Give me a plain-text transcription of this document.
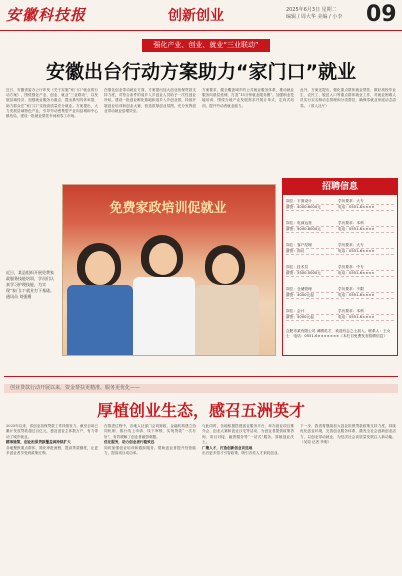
安徽科技报	创新创业	2025年6月3日 星期二
编辑 / 周大华 美编 / 小李 09
强化产业、创业、就业“三业联动”
安徽出台行动方案助力“家门口”就业
近日，安徽省委办公厅印发《关于实施“家门口”就业的行动方案》，围绕强化产业、创业、就业“三业联动”，以发展县域经济、加强就业服务为重点，提出系列具体举措，助力群众在“家门口”实现高质量充分就业。方案提出，大力发展县域特色产业，引导劳动密集型产业向县城和中心镇布局，建设一批就业帮扶车间和零工市场。
在强化创业带动就业方面，方案提出加大创业担保贷款支持力度，对符合条件的返乡入乡创业人员给予一次性创业补贴。建设一批创业孵化基地和返乡入乡创业园，持续开展创业培训和创业大赛，营造浓厚创业氛围，充分发挥创业带动就业倍增效应。
方案要求，健全覆盖城乡的公共就业服务体系，推动就业服务向基层延伸，打造“15分钟就业服务圈”。加强职业技能培训，围绕当地产业发展需求开展订单式、定向式培训，提升劳动者就业能力。
此外，方案还提出，强化重点群体就业帮扶，做好高校毕业生、农民工、脱贫人口等重点群体就业工作，对就业困难人员实行实名制动态管理和分类帮扶，确保零就业家庭动态清零。（省人社厅）
近日，某县组织开展免费家政服务技能培训，学员们认真学习护理技能，为实现“家门口”就业打下基础。　　通讯员 刘强摄
免费家政培训促就业
招聘信息
岗位：平面设计	学历要求：大专
薪资：4000-6000元	电话：0551-6××××
岗位：电商运营	学历要求：本科
薪资：5000-8000元	电话：0551-6××××
岗位：客户经理	学历要求：大专
薪资：面议	电话：0551-6××××
岗位：技术员	学历要求：中专
薪资：3500-5000元	电话：0551-6××××
岗位：仓储管理	学历要求：不限
薪资：4000元起	电话：0551-6××××
岗位：会计	学历要求：本科
薪资：5000元起	电话：0551-6××××
合肥市某有限公司 诚聘英才，欢迎有志之士加入。联系人：王女士　电话：0551-6×××××××（本栏目免费发布招聘信息）
创业贷款行动开展以来，资金帮扶更精准、服务更优化——
厚植创业生态，感召五洲英才
2025年以来，省创业担保贷款工作持续发力，截至目前已累计发放贷款超过百亿元，惠及创业主体数万户，有力带动了城乡就业。
精准施策，创业担保贷款覆盖面持续扩大
各地聚焦重点群体，简化审批流程，提高贷款额度，让更多创业者享受到政策红利。
在推进过程中，各地人社部门会同财政、金融机构建立协同机制，推行线上申请、线下审核，实现贷款“一次办好”，有效缓解了创业者融资难题。
优化服务，助力创业者行稳致远
同时加强创业培训和跟踪服务，帮助创业者提升经营能力，提高项目成功率。
与此同时，各地积极搭建创业服务平台，举办创业项目推介会、创业大赛和创业沙龙等活动，为创业者提供政策咨询、项目对接、融资服务等“一站式”服务，厚植创业沃土。
广聚人才，打造创新创业首选地
出台更多招才引智政策，吸引各类人才来皖创业。
下一步，我省将继续加大创业担保贷款政策支持力度，持续优化创业环境，完善创业服务体系，激发全社会创新创业活力，以创业带动就业，为经济社会高质量发展注入新动能。（吴周 记者 李明）
